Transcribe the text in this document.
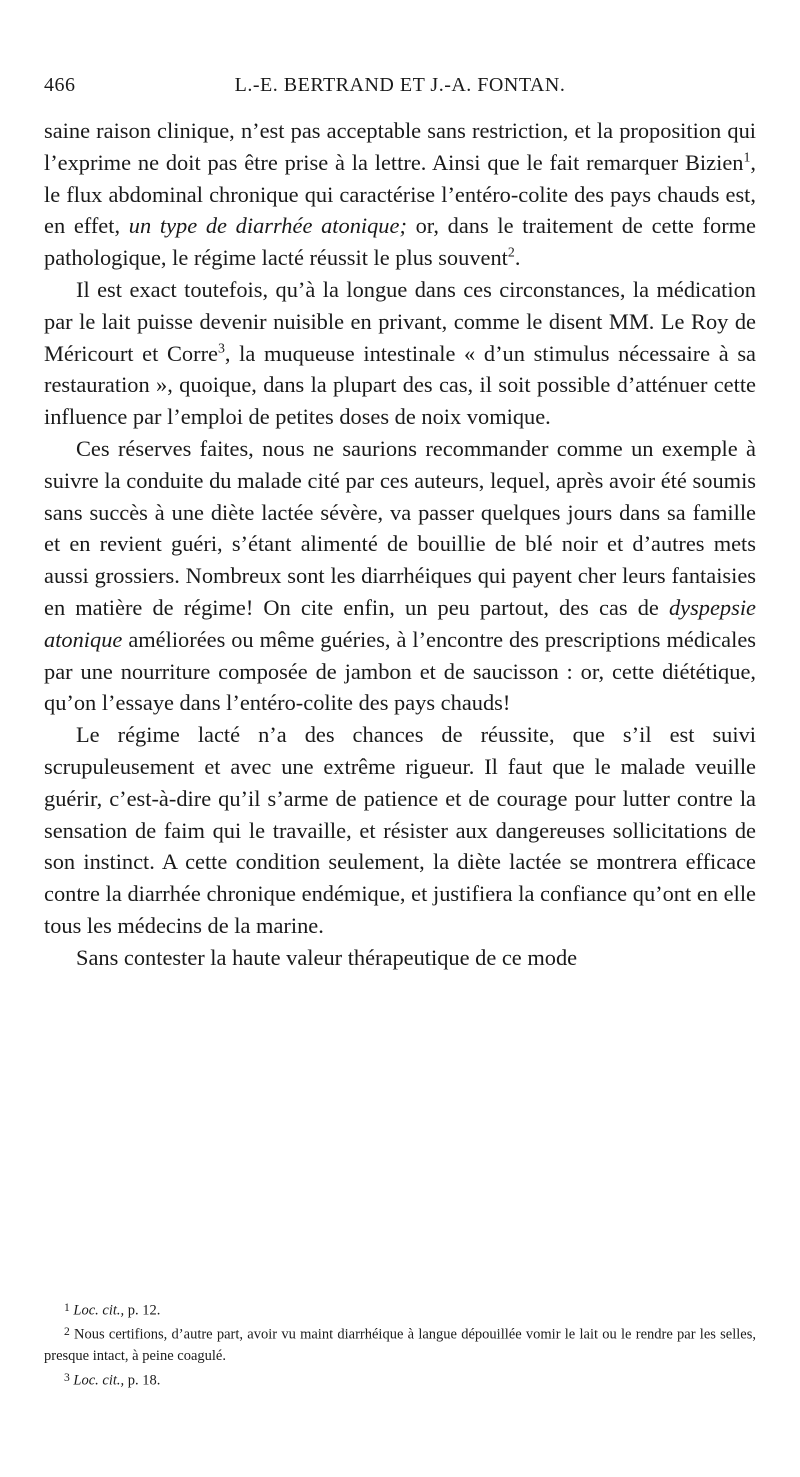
466	L.-E. BERTRAND ET J.-A. FONTAN.

saine raison clinique, n’est pas acceptable sans restriction, et la proposition qui l’exprime ne doit pas être prise à la lettre. Ainsi que le fait remarquer Bizien$^1$, le flux abdominal chronique qui caractérise l’entéro-colite des pays chauds est, en effet, un type de diarrhée atonique; or, dans le traitement de cette forme pathologique, le régime lacté réussit le plus souvent$^2$.

Il est exact toutefois, qu’à la longue dans ces circonstances, la médication par le lait puisse devenir nuisible en privant, comme le disent MM. Le Roy de Méricourt et Corre$^3$, la muqueuse intestinale « d’un stimulus nécessaire à sa restauration », quoique, dans la plupart des cas, il soit possible d’atténuer cette influence par l’emploi de petites doses de noix vomique.

Ces réserves faites, nous ne saurions recommander comme un exemple à suivre la conduite du malade cité par ces auteurs, lequel, après avoir été soumis sans succès à une diète lactée sévère, va passer quelques jours dans sa famille et en revient guéri, s’étant alimenté de bouillie de blé noir et d’autres mets aussi grossiers. Nombreux sont les diarrhéiques qui payent cher leurs fantaisies en matière de régime! On cite enfin, un peu partout, des cas de dyspepsie atonique améliorées ou même guéries, à l’encontre des prescriptions médicales par une nourriture composée de jambon et de saucisson : or, cette diététique, qu’on l’essaye dans l’entéro-colite des pays chauds!

Le régime lacté n’a des chances de réussite, que s’il est suivi scrupuleusement et avec une extrême rigueur. Il faut que le malade veuille guérir, c’est-à-dire qu’il s’arme de patience et de courage pour lutter contre la sensation de faim qui le travaille, et résister aux dangereuses sollicitations de son instinct. A cette condition seulement, la diète lactée se montrera efficace contre la diarrhée chronique endémique, et justifiera la confiance qu’ont en elle tous les médecins de la marine.

Sans contester la haute valeur thérapeutique de ce mode

$^1$ Loc. cit., p. 12.

$^2$ Nous certifions, d’autre part, avoir vu maint diarrhéique à langue dépouillée vomir le lait ou le rendre par les selles, presque intact, à peine coagulé.

$^3$ Loc. cit., p. 18.
